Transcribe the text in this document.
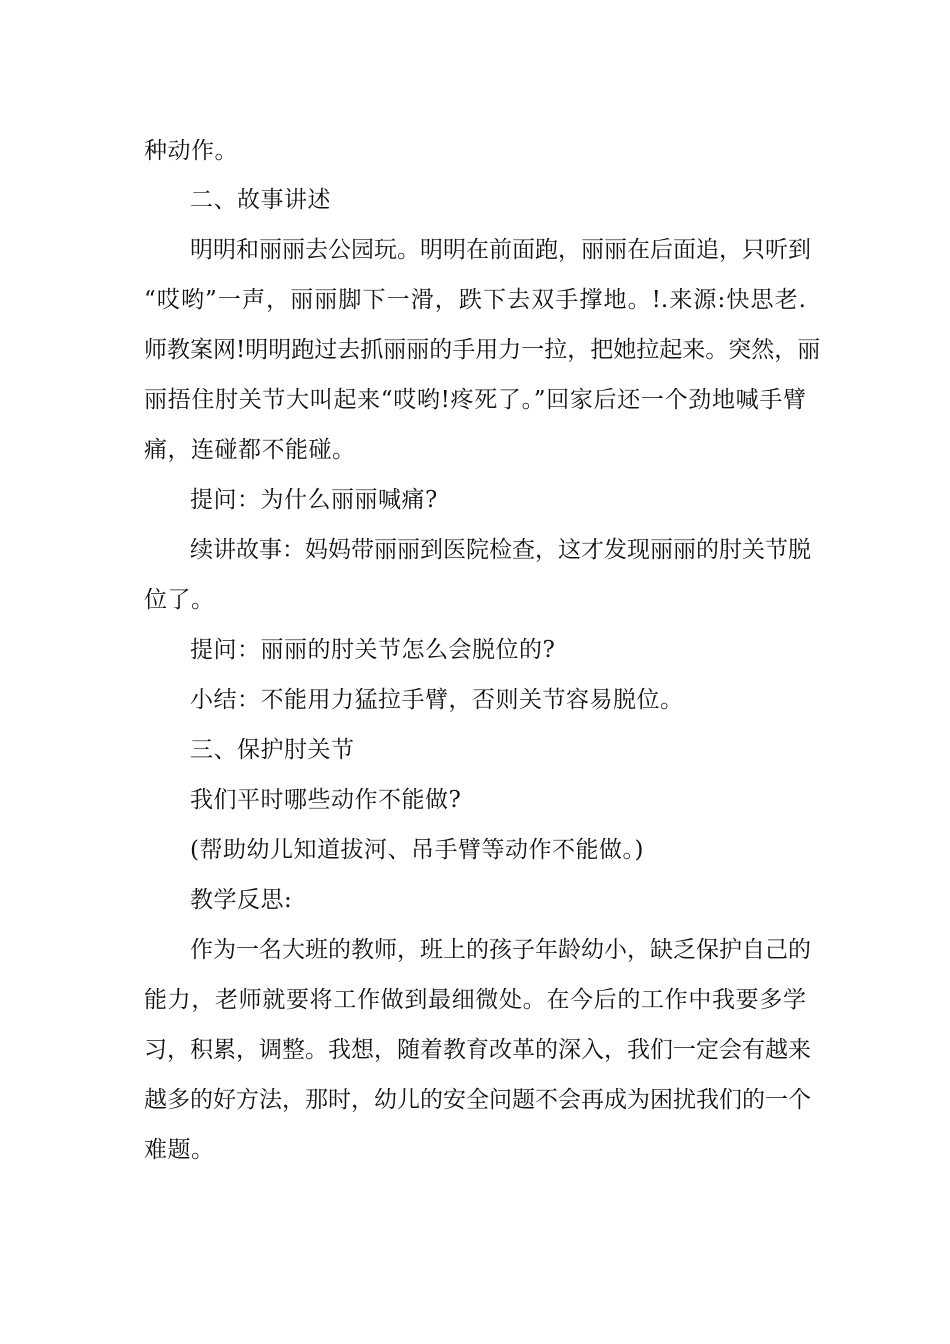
种动作。
二、故事讲述
明明和丽丽去公园玩。明明在前面跑，丽丽在后面追，只听到
“哎哟”一声，丽丽脚下一滑，跌下去双手撑地。!.来源:快思老.
师教案网!明明跑过去抓丽丽的手用力一拉，把她拉起来。突然，丽
丽捂住肘关节大叫起来“哎哟!疼死了。”回家后还一个劲地喊手臂
痛，连碰都不能碰。
提问：为什么丽丽喊痛?
续讲故事：妈妈带丽丽到医院检查，这才发现丽丽的肘关节脱
位了。
提问：丽丽的肘关节怎么会脱位的?
小结：不能用力猛拉手臂，否则关节容易脱位。
三、保护肘关节
我们平时哪些动作不能做?
(帮助幼儿知道拔河、吊手臂等动作不能做。)
教学反思:
作为一名大班的教师，班上的孩子年龄幼小，缺乏保护自己的
能力，老师就要将工作做到最细微处。在今后的工作中我要多学
习，积累，调整。我想，随着教育改革的深入，我们一定会有越来
越多的好方法，那时，幼儿的安全问题不会再成为困扰我们的一个
难题。
